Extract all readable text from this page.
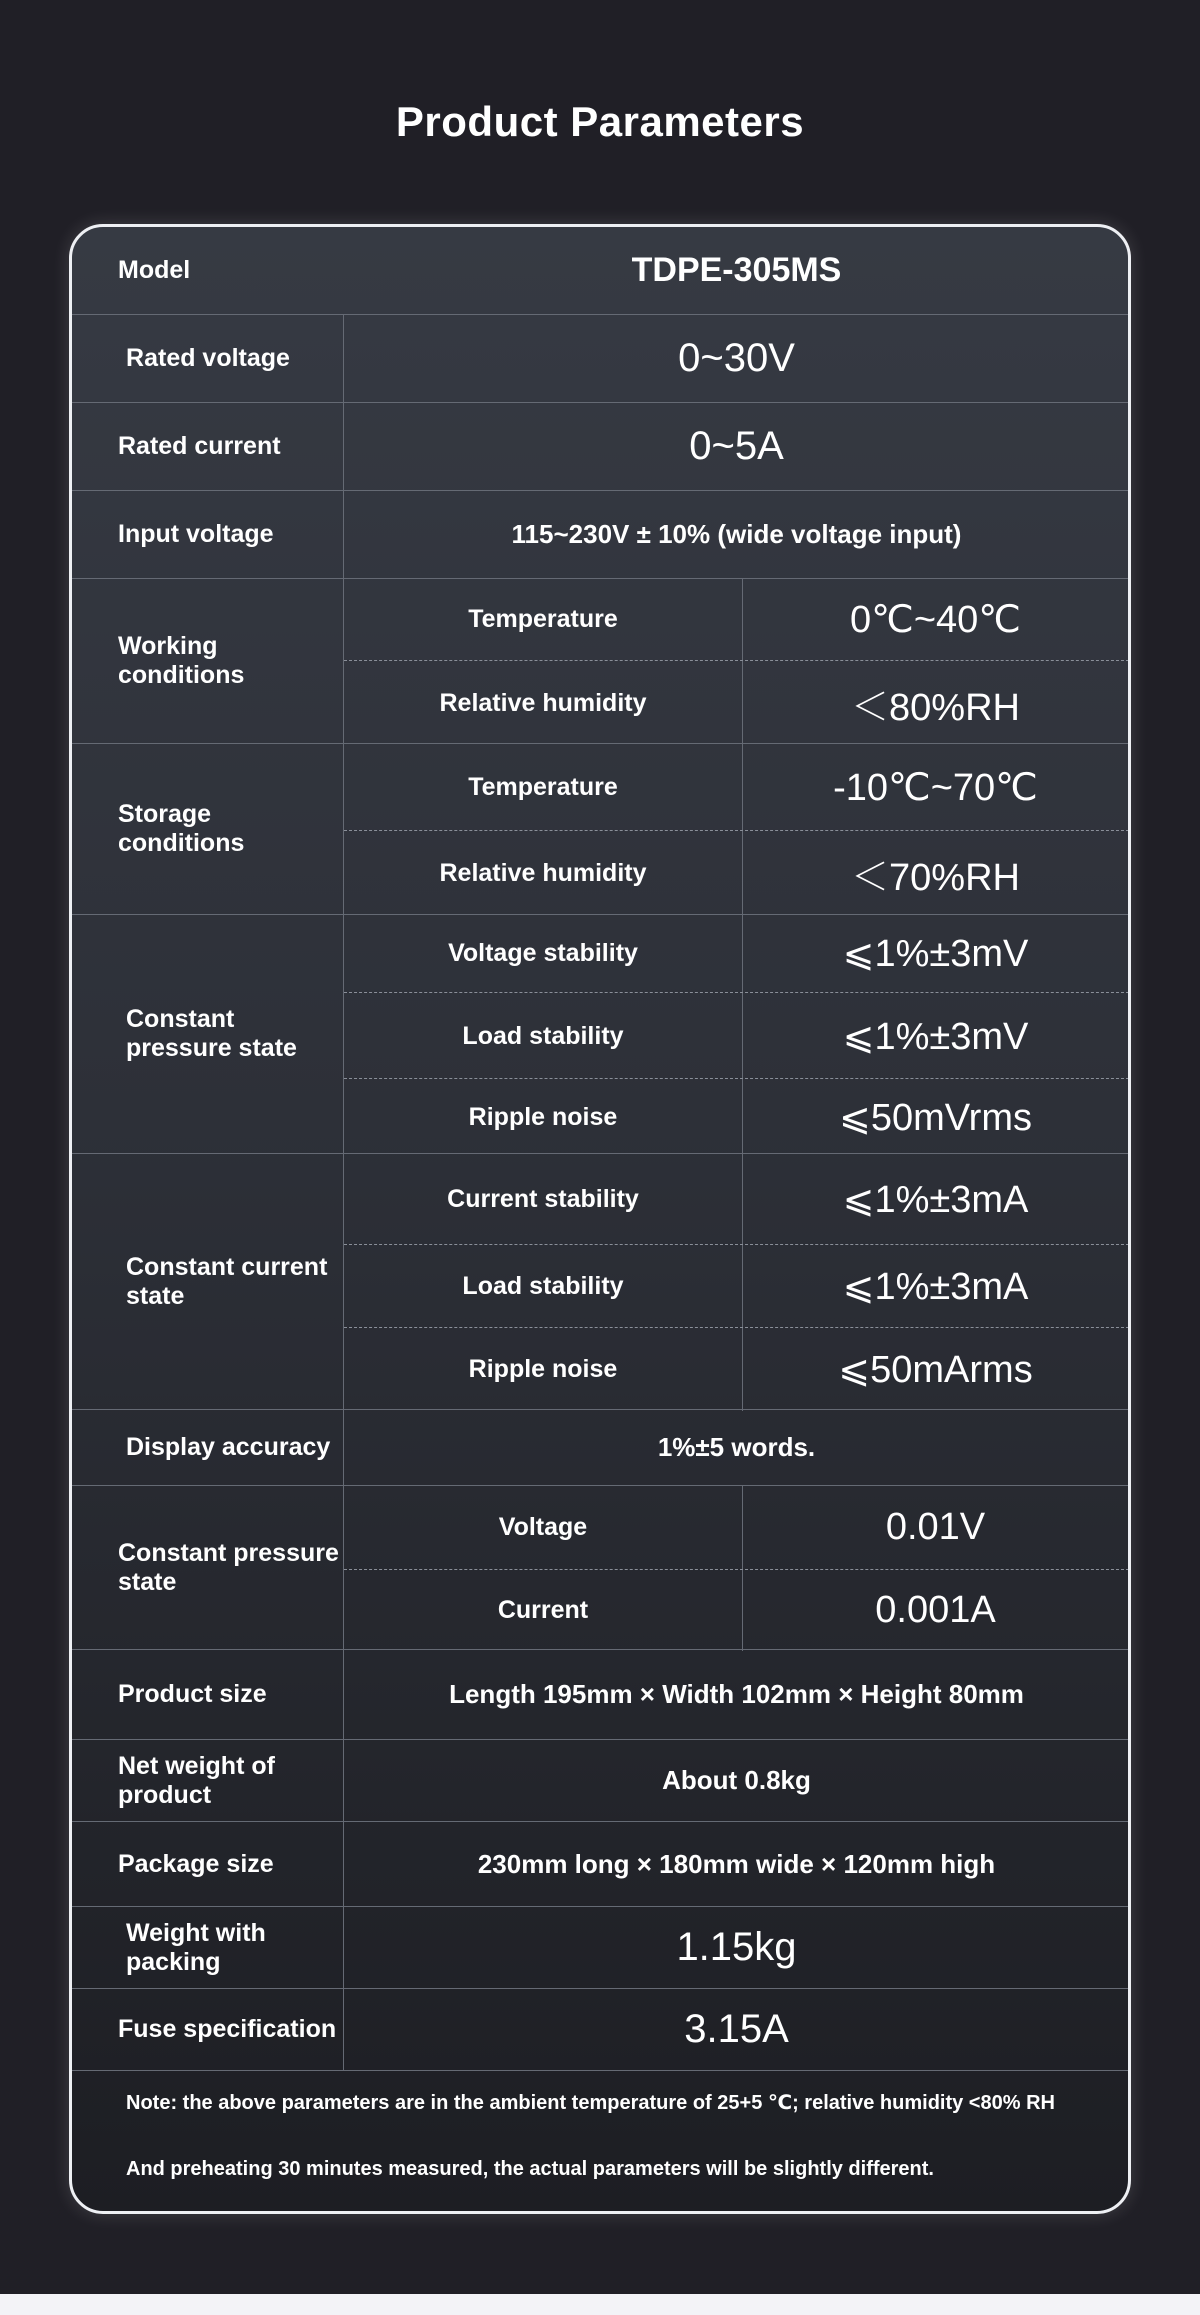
Product Parameters
Model	TDPE-305MS
Rated voltage	0~30V
Rated current	0~5A
Input voltage	115~230V ± 10% (wide voltage input)
Working conditions
Temperature	0℃~40℃
Relative humidity	＜80%RH
Storage conditions
Temperature	-10℃~70℃
Relative humidity	＜70%RH
Constant pressure state
Voltage stability	⩽1%±3mV
Load stability	⩽1%±3mV
Ripple noise	⩽50mVrms
Constant current state
Current stability	⩽1%±3mA
Load stability	⩽1%±3mA
Ripple noise	⩽50mArms
Display accuracy	1%±5 words.
Constant pressure state
Voltage	0.01V
Current	0.001A
Product size	Length 195mm × Width 102mm × Height 80mm
Net weight of product	About 0.8kg
Package size	230mm long × 180mm wide × 120mm high
Weight with packing	1.15kg
Fuse specification	3.15A
Note: the above parameters are in the ambient temperature of 25+5 ℃; relative humidity <80% RH
And preheating 30 minutes measured, the actual parameters will be slightly different.
